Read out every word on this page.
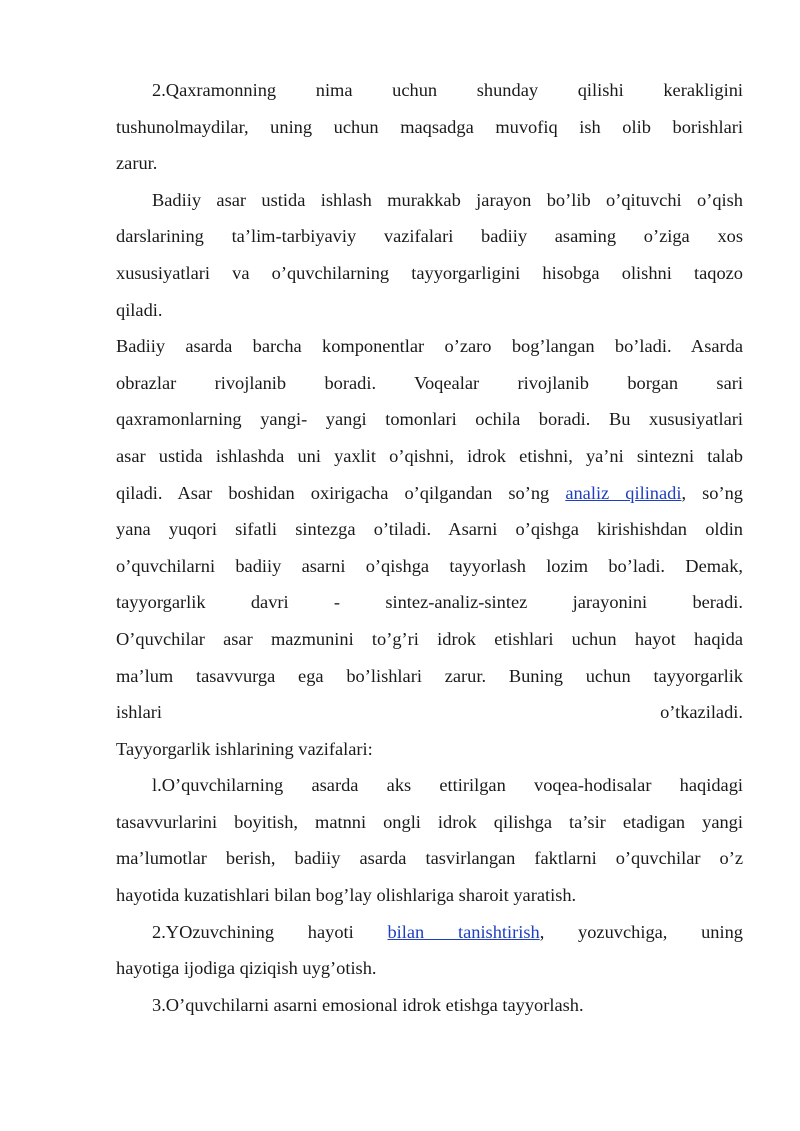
2.Qaxramonning nima uchun shunday qilishi kerakligini
tushunolmaydilar, uning uchun maqsadga muvofiq ish olib borishlari
zarur.
Badiiy asar ustida ishlash murakkab jarayon bo’lib o’qituvchi o’qish
darslarining ta’lim-tarbiyaviy vazifalari badiiy asaming o’ziga xos
xususiyatlari va o’quvchilarning tayyorgarligini hisobga olishni taqozo
qiladi.
Badiiy asarda barcha komponentlar o’zaro bog’langan bo’ladi. Asarda
obrazlar rivojlanib boradi. Voqealar rivojlanib borgan sari
qaxramonlarning yangi- yangi tomonlari ochila boradi. Bu xususiyatlari
asar ustida ishlashda uni yaxlit o’qishni, idrok etishni, ya’ni sintezni talab
qiladi. Asar boshidan oxirigacha o’qilgandan so’ng analiz qilinadi, so’ng
yana yuqori sifatli sintezga o’tiladi. Asarni o’qishga kirishishdan oldin
o’quvchilarni badiiy asarni o’qishga tayyorlash lozim bo’ladi. Demak,
tayyorgarlik davri - sintez-analiz-sintez jarayonini beradi.
O’quvchilar asar mazmunini to’g’ri idrok etishlari uchun hayot haqida
ma’lum tasavvurga ega bo’lishlari zarur. Buning uchun tayyorgarlik
ishlari o’tkaziladi.
Tayyorgarlik ishlarining vazifalari:
l.O’quvchilarning asarda aks ettirilgan voqea-hodisalar haqidagi
tasavvurlarini boyitish, matnni ongli idrok qilishga ta’sir etadigan yangi
ma’lumotlar berish, badiiy asarda tasvirlangan faktlarni o’quvchilar o’z
hayotida kuzatishlari bilan bog’lay olishlariga sharoit yaratish.
2.YOzuvchining hayoti bilan tanishtirish, yozuvchiga, uning
hayotiga ijodiga qiziqish uyg’otish.
3.O’quvchilarni asarni emosional idrok etishga tayyorlash.
